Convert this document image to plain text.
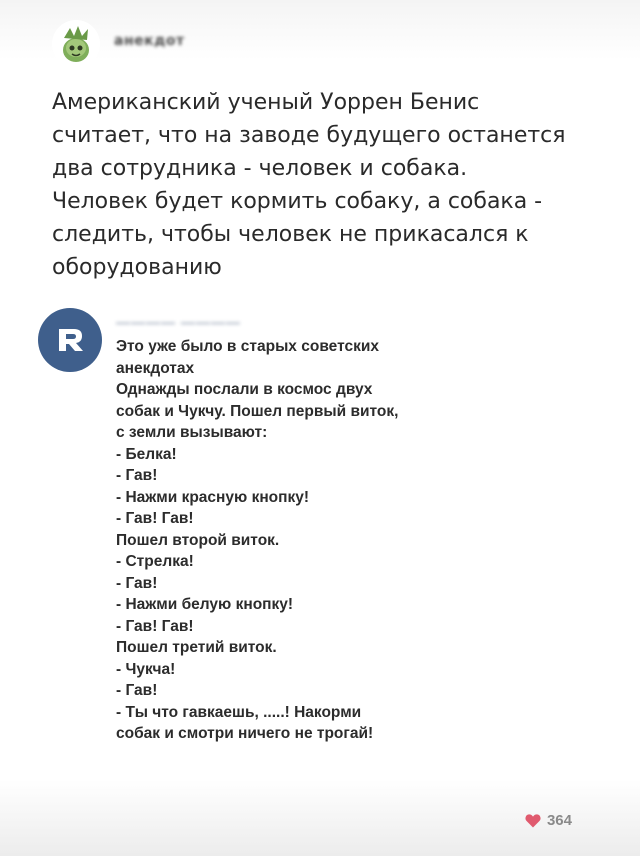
анекдот
Американский ученый Уоррен Бенис
считает, что на заводе будущего останется
два сотрудника - человек и собака.
Человек будет кормить собаку, а собака -
следить, чтобы человек не прикасался к
оборудованию
———— ————
Это уже было в старых советских
анекдотах
Однажды послали в космос двух
собак и Чукчу. Пошел первый виток,
с земли вызывают:
- Белка!
- Гав!
- Нажми красную кнопку!
- Гав! Гав!
Пошел второй виток.
- Стрелка!
- Гав!
- Нажми белую кнопку!
- Гав! Гав!
Пошел третий виток.
- Чукча!
- Гав!
- Ты что гавкаешь, .....! Накорми
собак и смотри ничего не трогай!
364
